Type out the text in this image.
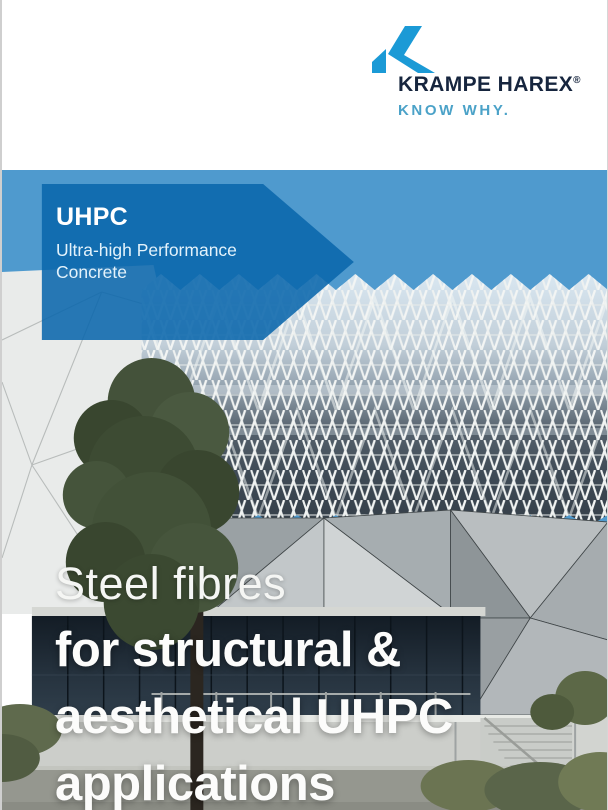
KRAMPE HAREX®
KNOW WHY.
UHPC
Ultra-high Performance
Concrete
Steel fibres
for structural &
aesthetical UHPC
applications
